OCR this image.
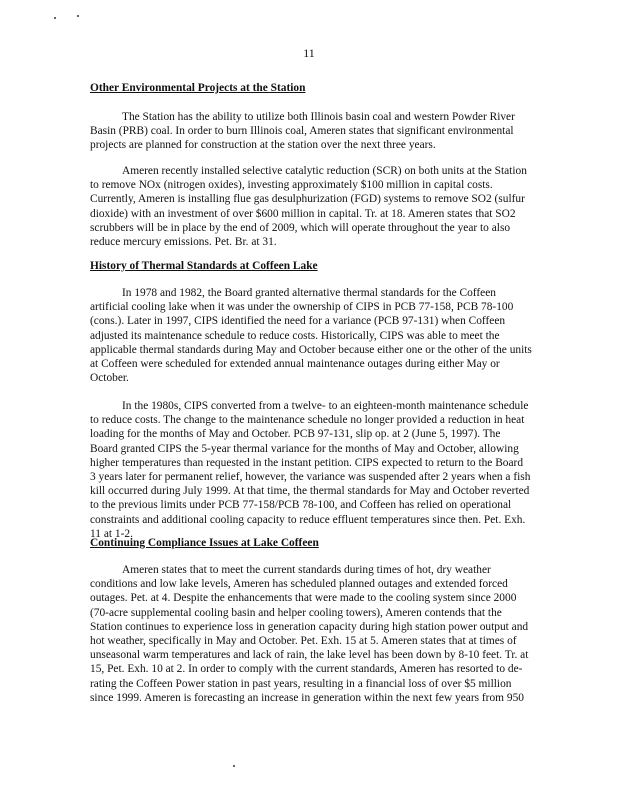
11
Other Environmental Projects at the Station
The Station has the ability to utilize both Illinois basin coal and western Powder River
Basin (PRB) coal. In order to burn Illinois coal, Ameren states that significant environmental
projects are planned for construction at the station over the next three years.
Ameren recently installed selective catalytic reduction (SCR) on both units at the Station
to remove NOx (nitrogen oxides), investing approximately $100 million in capital costs.
Currently, Ameren is installing flue gas desulphurization (FGD) systems to remove SO2 (sulfur
dioxide) with an investment of over $600 million in capital. Tr. at 18. Ameren states that SO2
scrubbers will be in place by the end of 2009, which will operate throughout the year to also
reduce mercury emissions. Pet. Br. at 31.
History of Thermal Standards at Coffeen Lake
In 1978 and 1982, the Board granted alternative thermal standards for the Coffeen
artificial cooling lake when it was under the ownership of CIPS in PCB 77-158, PCB 78-100
(cons.). Later in 1997, CIPS identified the need for a variance (PCB 97-131) when Coffeen
adjusted its maintenance schedule to reduce costs. Historically, CIPS was able to meet the
applicable thermal standards during May and October because either one or the other of the units
at Coffeen were scheduled for extended annual maintenance outages during either May or
October.
In the 1980s, CIPS converted from a twelve- to an eighteen-month maintenance schedule
to reduce costs. The change to the maintenance schedule no longer provided a reduction in heat
loading for the months of May and October. PCB 97-131, slip op. at 2 (June 5, 1997). The
Board granted CIPS the 5-year thermal variance for the months of May and October, allowing
higher temperatures than requested in the instant petition. CIPS expected to return to the Board
3 years later for permanent relief, however, the variance was suspended after 2 years when a fish
kill occurred during July 1999. At that time, the thermal standards for May and October reverted
to the previous limits under PCB 77-158/PCB 78-100, and Coffeen has relied on operational
constraints and additional cooling capacity to reduce effluent temperatures since then. Pet. Exh.
11 at 1-2.
Continuing Compliance Issues at Lake Coffeen
Ameren states that to meet the current standards during times of hot, dry weather
conditions and low lake levels, Ameren has scheduled planned outages and extended forced
outages. Pet. at 4. Despite the enhancements that were made to the cooling system since 2000
(70-acre supplemental cooling basin and helper cooling towers), Ameren contends that the
Station continues to experience loss in generation capacity during high station power output and
hot weather, specifically in May and October. Pet. Exh. 15 at 5. Ameren states that at times of
unseasonal warm temperatures and lack of rain, the lake level has been down by 8-10 feet. Tr. at
15, Pet. Exh. 10 at 2. In order to comply with the current standards, Ameren has resorted to de-
rating the Coffeen Power station in past years, resulting in a financial loss of over $5 million
since 1999. Ameren is forecasting an increase in generation within the next few years from 950
